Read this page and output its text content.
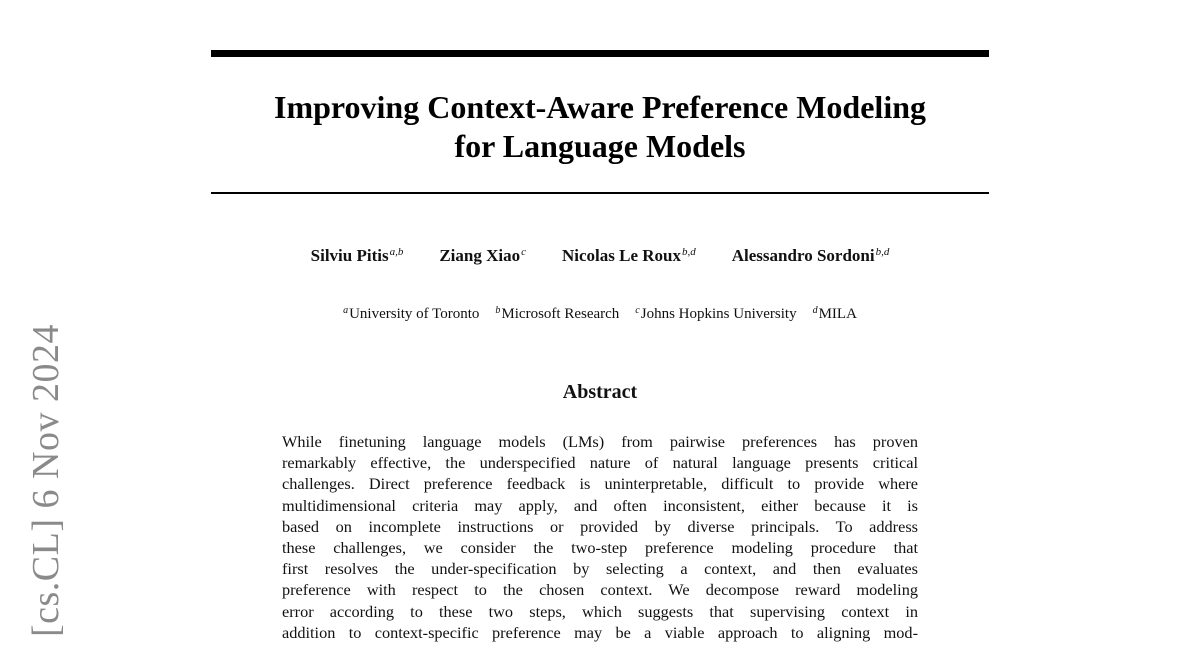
Improving Context-Aware Preference Modeling
for Language Models
Silviu Pitis$^{a,b}$ Ziang Xiao$^c$ Nicolas Le Roux$^{b,d}$ Alessandro Sordoni$^{b,d}$
$^a$University of Toronto $^b$Microsoft Research $^c$Johns Hopkins University $^d$MILA
Abstract
While finetuning language models (LMs) from pairwise preferences has proven
remarkably effective, the underspecified nature of natural language presents critical
challenges. Direct preference feedback is uninterpretable, difficult to provide where
multidimensional criteria may apply, and often inconsistent, either because it is
based on incomplete instructions or provided by diverse principals. To address
these challenges, we consider the two-step preference modeling procedure that
first resolves the under-specification by selecting a context, and then evaluates
preference with respect to the chosen context. We decompose reward modeling
error according to these two steps, which suggests that supervising context in
addition to context-specific preference may be a viable approach to aligning mod-
[cs.CL] 6 Nov 2024
